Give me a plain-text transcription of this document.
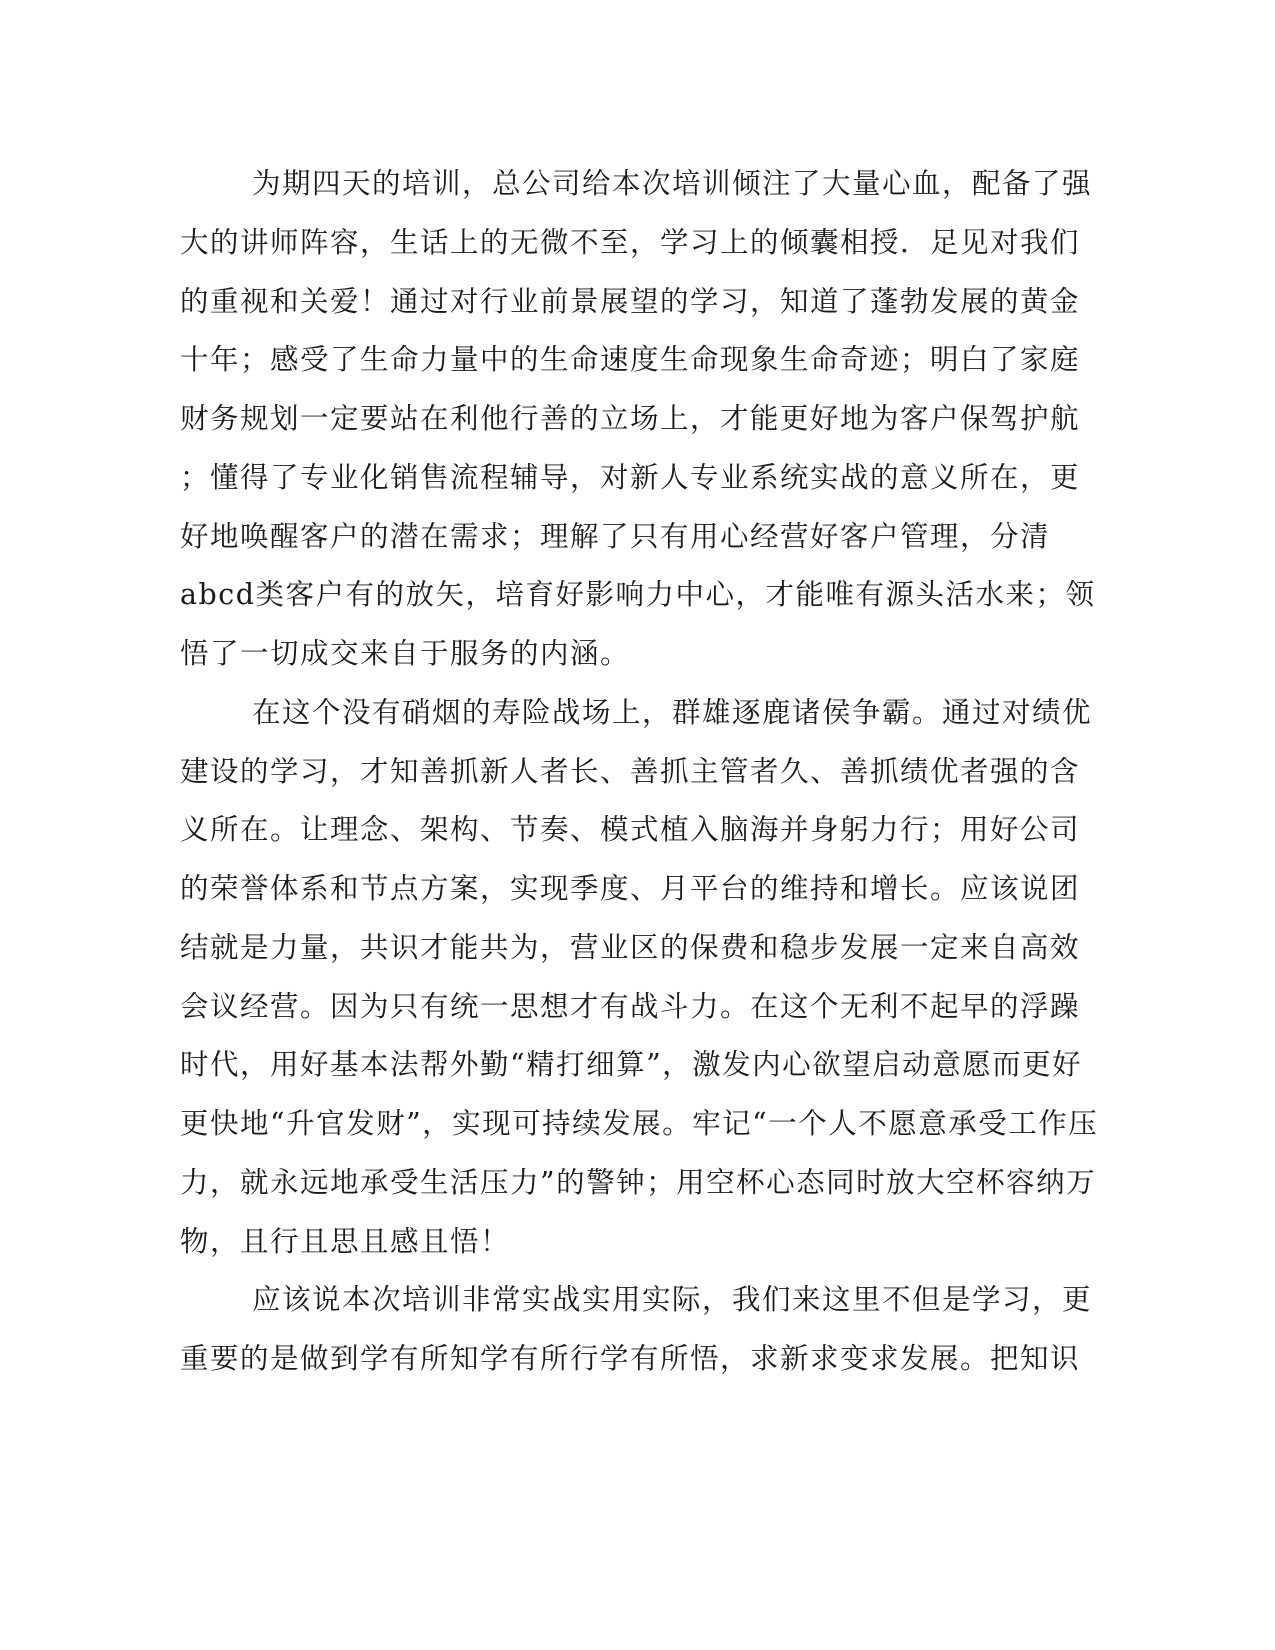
为期四天的培训，总公司给本次培训倾注了大量心血，配备了强
大的讲师阵容，生话上的无微不至，学习上的倾囊相授．足见对我们
的重视和关爱！通过对行业前景展望的学习，知道了蓬勃发展的黄金
十年；感受了生命力量中的生命速度生命现象生命奇迹；明白了家庭
财务规划一定要站在利他行善的立场上，才能更好地为客户保驾护航
；懂得了专业化销售流程辅导，对新人专业系统实战的意义所在，更
好地唤醒客户的潜在需求；理解了只有用心经营好客户管理，分清
abcd类客户有的放矢，培育好影响力中心，才能唯有源头活水来；领
悟了一切成交来自于服务的内涵。
在这个没有硝烟的寿险战场上，群雄逐鹿诸侯争霸。通过对绩优
建设的学习，才知善抓新人者长、善抓主管者久、善抓绩优者强的含
义所在。让理念、架构、节奏、模式植入脑海并身躬力行；用好公司
的荣誉体系和节点方案，实现季度、月平台的维持和增长。应该说团
结就是力量，共识才能共为，营业区的保费和稳步发展一定来自高效
会议经营。因为只有统一思想才有战斗力。在这个无利不起早的浮躁
时代，用好基本法帮外勤“精打细算”，激发内心欲望启动意愿而更好
更快地“升官发财”，实现可持续发展。牢记“一个人不愿意承受工作压
力，就永远地承受生活压力”的警钟；用空杯心态同时放大空杯容纳万
物，且行且思且感且悟！
应该说本次培训非常实战实用实际，我们来这里不但是学习，更
重要的是做到学有所知学有所行学有所悟，求新求变求发展。把知识
